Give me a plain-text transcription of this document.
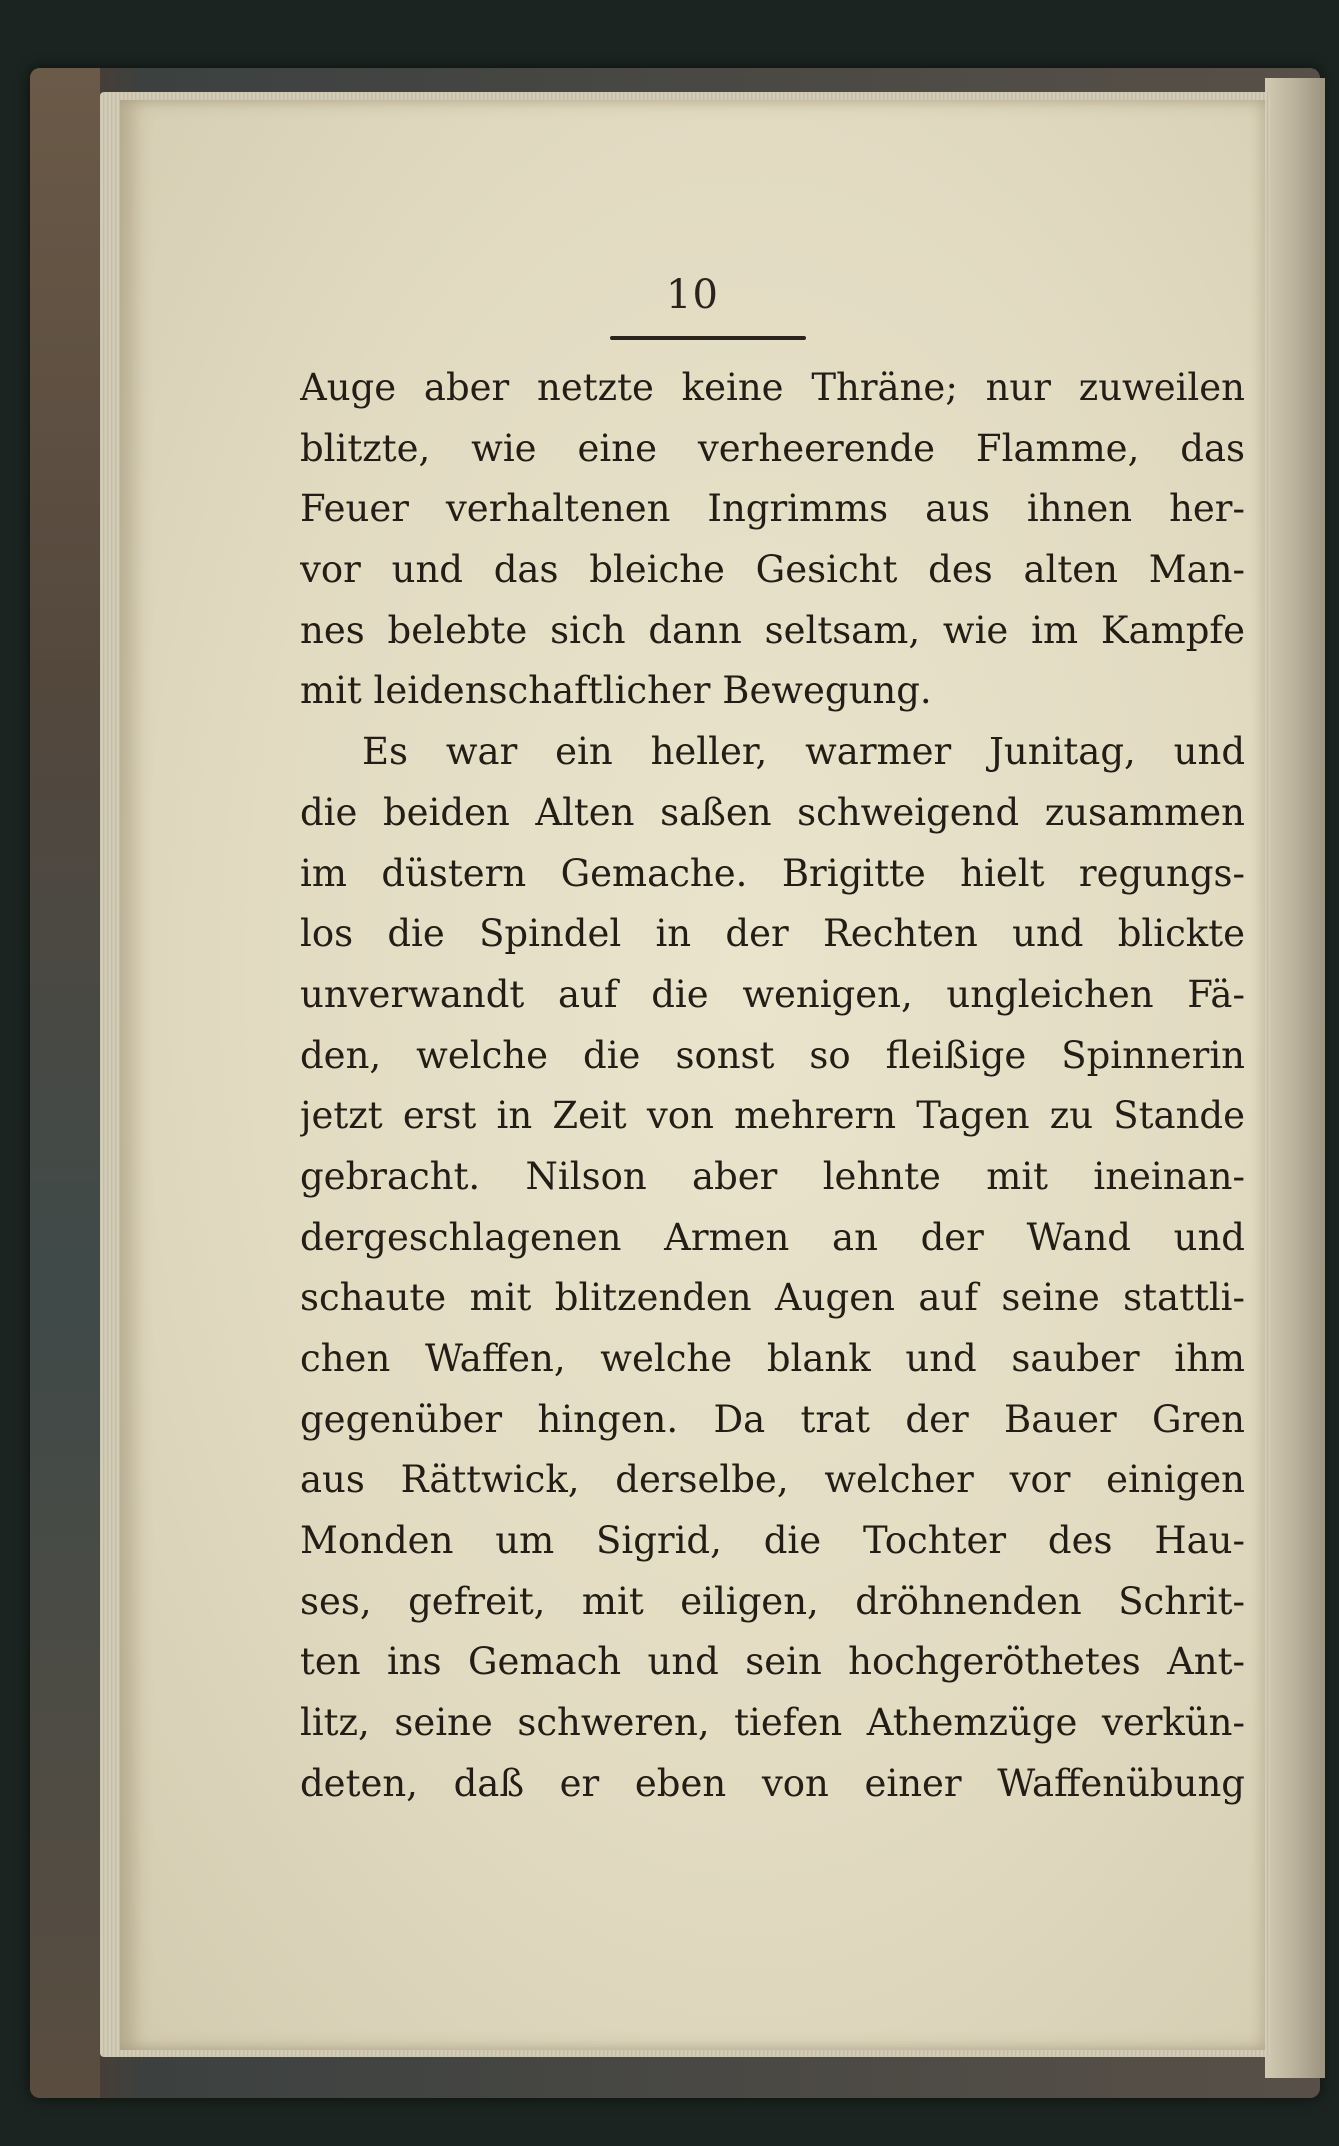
10
Auge aber netzte keine Thräne; nur zuweilen
blitzte, wie eine verheerende Flamme, das
Feuer verhaltenen Ingrimms aus ihnen her-
vor und das bleiche Gesicht des alten Man-
nes belebte sich dann seltsam, wie im Kampfe
mit leidenschaftlicher Bewegung.
Es war ein heller, warmer Junitag, und
die beiden Alten saßen schweigend zusammen
im düstern Gemache. Brigitte hielt regungs-
los die Spindel in der Rechten und blickte
unverwandt auf die wenigen, ungleichen Fä-
den, welche die sonst so fleißige Spinnerin
jetzt erst in Zeit von mehrern Tagen zu Stande
gebracht. Nilson aber lehnte mit ineinan-
dergeschlagenen Armen an der Wand und
schaute mit blitzenden Augen auf seine stattli-
chen Waffen, welche blank und sauber ihm
gegenüber hingen. Da trat der Bauer Gren
aus Rättwick, derselbe, welcher vor einigen
Monden um Sigrid, die Tochter des Hau-
ses, gefreit, mit eiligen, dröhnenden Schrit-
ten ins Gemach und sein hochgeröthetes Ant-
litz, seine schweren, tiefen Athemzüge verkün-
deten, daß er eben von einer Waffenübung
